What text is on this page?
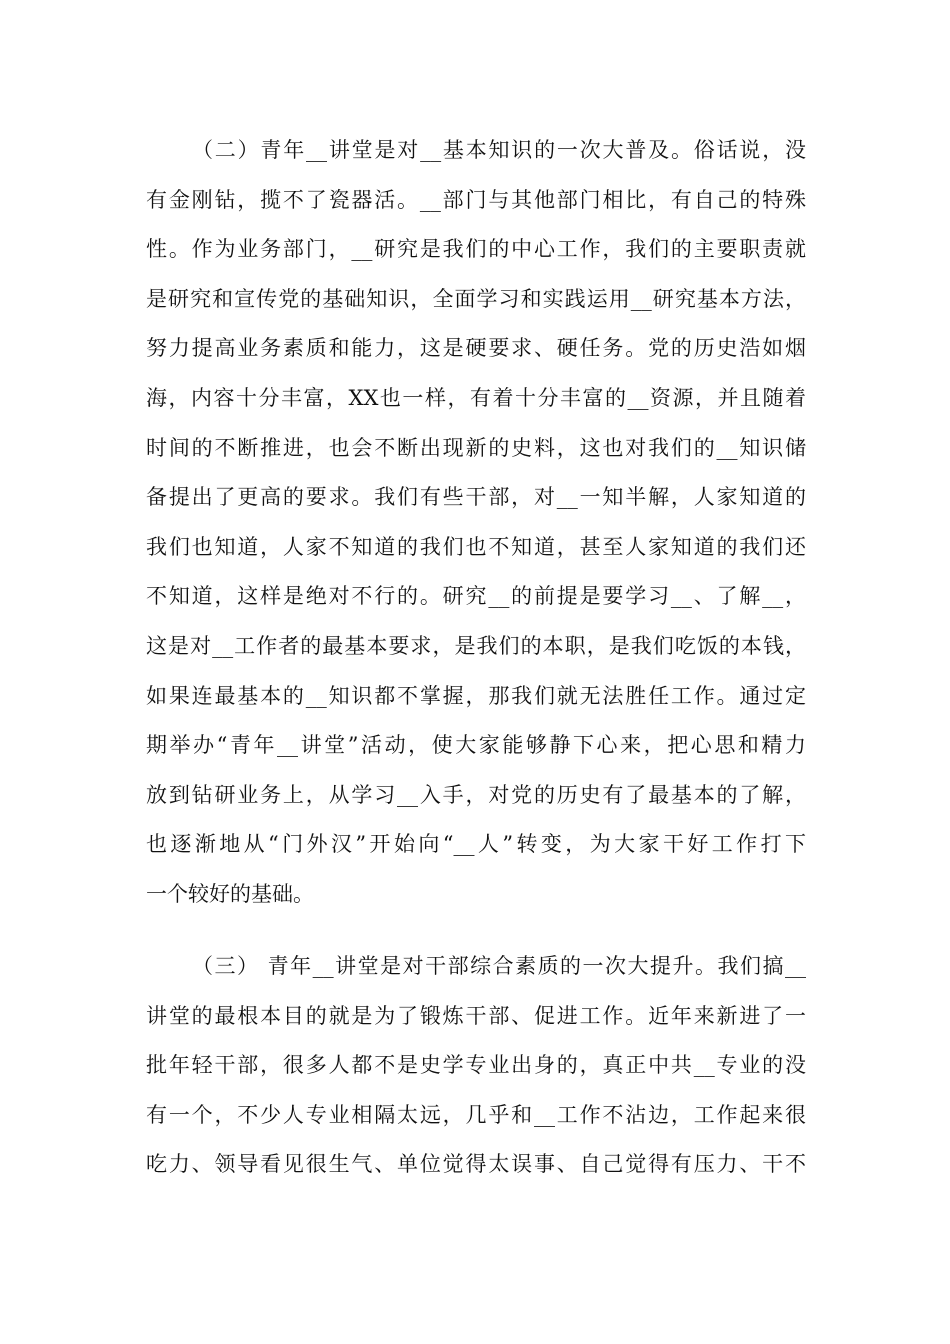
（二）青年__讲堂是对__基本知识的一次大普及。俗话说，没
有金刚钻，揽不了瓷器活。__部门与其他部门相比，有自己的特殊
性。作为业务部门，__研究是我们的中心工作，我们的主要职责就
是研究和宣传党的基础知识，全面学习和实践运用__研究基本方法，
努力提高业务素质和能力，这是硬要求、硬任务。党的历史浩如烟
海，内容十分丰富，XX也一样，有着十分丰富的__资源，并且随着
时间的不断推进，也会不断出现新的史料，这也对我们的__知识储
备提出了更高的要求。我们有些干部，对__一知半解，人家知道的
我们也知道，人家不知道的我们也不知道，甚至人家知道的我们还
不知道，这样是绝对不行的。研究__的前提是要学习__、了解__，
这是对__工作者的最基本要求，是我们的本职，是我们吃饭的本钱，
如果连最基本的__知识都不掌握，那我们就无法胜任工作。通过定
期举办“青年__讲堂”活动，使大家能够静下心来，把心思和精力
放到钻研业务上，从学习__入手，对党的历史有了最基本的了解，
也逐渐地从“门外汉”开始向“__人”转变，为大家干好工作打下
一个较好的基础。
（三） 青年__讲堂是对干部综合素质的一次大提升。我们搞__
讲堂的最根本目的就是为了锻炼干部、促进工作。近年来新进了一
批年轻干部，很多人都不是史学专业出身的，真正中共__专业的没
有一个，不少人专业相隔太远，几乎和__工作不沾边，工作起来很
吃力、领导看见很生气、单位觉得太误事、自己觉得有压力、干不
